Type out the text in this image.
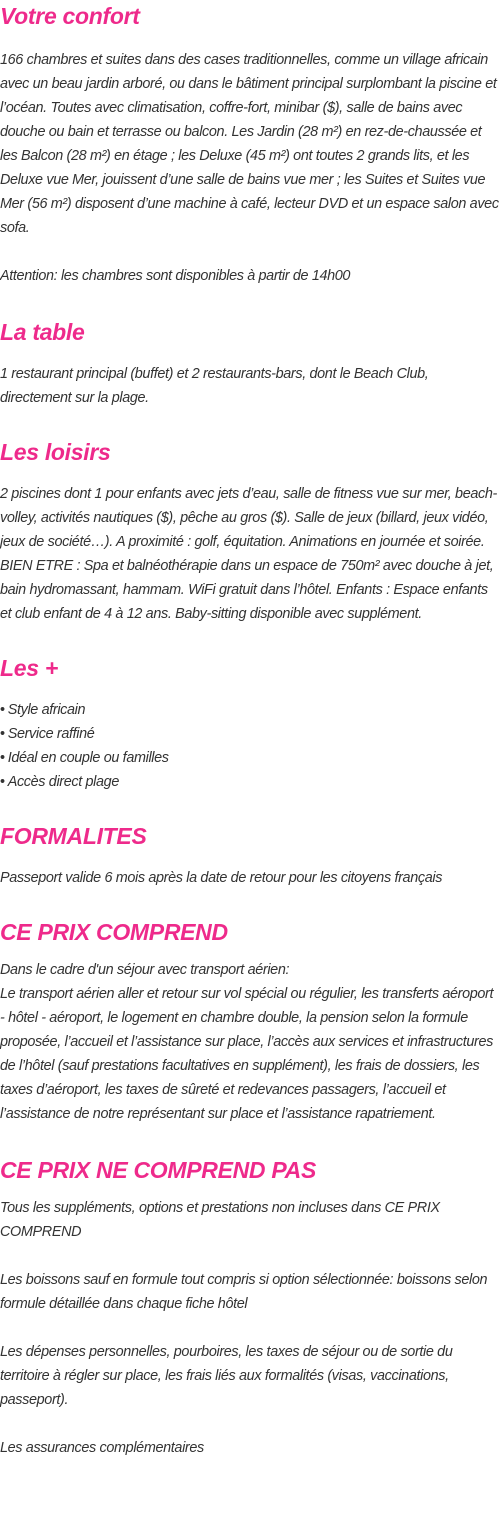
Votre confort

166 chambres et suites dans des cases traditionnelles, comme un village africain avec un beau jardin arboré, ou dans le bâtiment principal surplombant la piscine et l’océan. Toutes avec climatisation, coffre-fort, minibar ($), salle de bains avec douche ou bain et terrasse ou balcon. Les Jardin (28 m²) en rez-de-chaussée et les Balcon (28 m²) en étage ; les Deluxe (45 m²) ont toutes 2 grands lits, et les Deluxe vue Mer, jouissent d’une salle de bains vue mer ; les Suites et Suites vue Mer (56 m²) disposent d’une machine à café, lecteur DVD et un espace salon avec sofa.

Attention: les chambres sont disponibles à partir de 14h00

La table

1 restaurant principal (buffet) et 2 restaurants-bars, dont le Beach Club, directement sur la plage.

Les loisirs

2 piscines dont 1 pour enfants avec jets d’eau, salle de fitness vue sur mer, beach-volley, activités nautiques ($), pêche au gros ($). Salle de jeux (billard, jeux vidéo, jeux de société…). A proximité : golf, équitation. Animations en journée et soirée. BIEN ETRE : Spa et balnéothérapie dans un espace de 750m² avec douche à jet, bain hydromassant, hammam. WiFi gratuit dans l’hôtel. Enfants : Espace enfants et club enfant de 4 à 12 ans. Baby-sitting disponible avec supplément.

Les +
• Style africain
• Service raffiné
• Idéal en couple ou familles
• Accès direct plage
FORMALITES

Passeport valide 6 mois après la date de retour pour les citoyens français

CE PRIX COMPREND

Dans le cadre d'un séjour avec transport aérien:

Le transport aérien aller et retour sur vol spécial ou régulier, les transferts aéroport - hôtel - aéroport, le logement en chambre double, la pension selon la formule proposée, l’accueil et l’assistance sur place, l’accès aux services et infrastructures de l’hôtel (sauf prestations facultatives en supplément), les frais de dossiers, les taxes d’aéroport, les taxes de sûreté et redevances passagers, l’accueil et l’assistance de notre représentant sur place et l’assistance rapatriement.

CE PRIX NE COMPREND PAS

Tous les suppléments, options et prestations non incluses dans CE PRIX COMPREND

Les boissons sauf en formule tout compris si option sélectionnée: boissons selon formule détaillée dans chaque fiche hôtel

Les dépenses personnelles, pourboires, les taxes de séjour ou de sortie du territoire à régler sur place, les frais liés aux formalités (visas, vaccinations, passeport).

Les assurances complémentaires
